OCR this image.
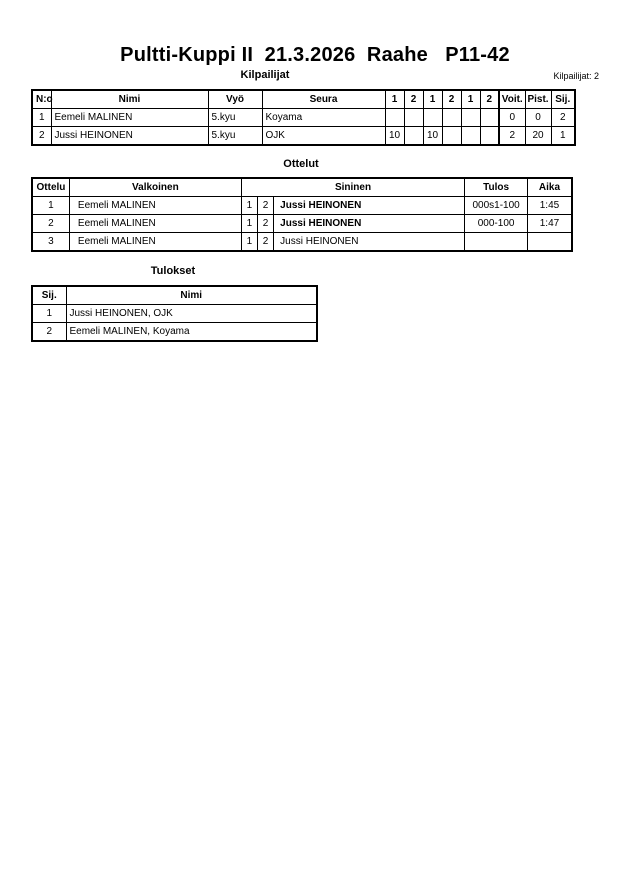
Pultti-Kuppi II  21.3.2026  Raahe   P11-42
Kilpailijat	Kilpailijat: 2
N:o	Nimi	Vyö	Seura	1	2	1	2	1	2	Voit.	Pist.	Sij.
1	Eemeli MALINEN	5.kyu	Koyama							0	0	2
2	Jussi HEINONEN	5.kyu	OJK	10		10				2	20	1
Ottelut
Ottelu	Valkoinen	Sininen			Tulos	Aika
1	Eemeli MALINEN	1	2	Jussi HEINONEN	000s1-100	1:45
2	Eemeli MALINEN	1	2	Jussi HEINONEN	000-100	1:47
3	Eemeli MALINEN	1	2	Jussi HEINONEN		
Tulokset
Sij.	Nimi
1	Jussi HEINONEN, OJK
2	Eemeli MALINEN, Koyama
